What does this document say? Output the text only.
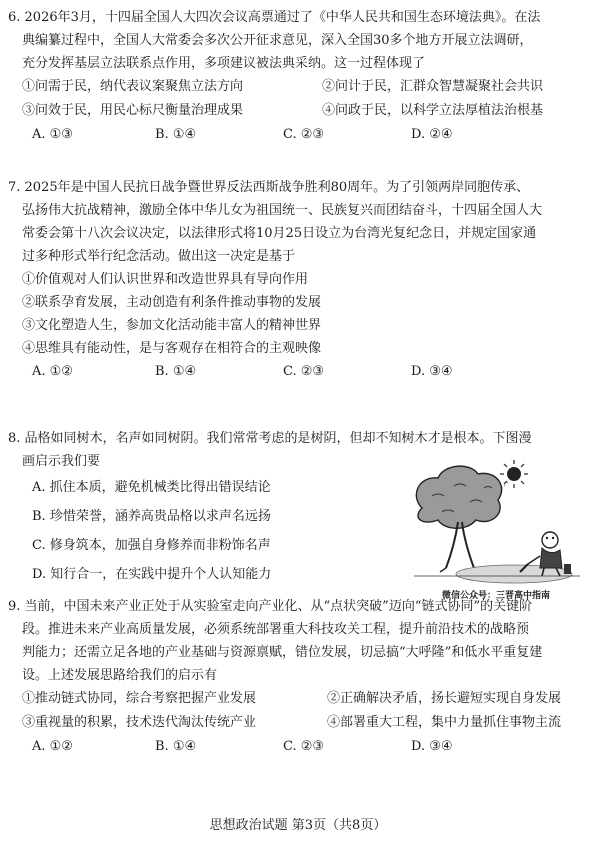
6. 2026年3月，十四届全国人大四次会议高票通过了《中华人民共和国生态环境法典》。在法

典编纂过程中，全国人大常委会多次公开征求意见，深入全国30多个地方开展立法调研，

充分发挥基层立法联系点作用，多项建议被法典采纳。这一过程体现了

①问需于民，纳代表议案聚焦立法方向	②问计于民，汇群众智慧凝聚社会共识
③问效于民，用民心标尺衡量治理成果	④问政于民，以科学立法厚植法治根基
A. ①③	B. ①④	C. ②③	D. ②④

7. 2025年是中国人民抗日战争暨世界反法西斯战争胜利80周年。为了引领两岸同胞传承、

弘扬伟大抗战精神，激励全体中华儿女为祖国统一、民族复兴而团结奋斗，十四届全国人大

常委会第十八次会议决定，以法律形式将10月25日设立为台湾光复纪念日，并规定国家通

过多种形式举行纪念活动。做出这一决定是基于

①价值观对人们认识世界和改造世界具有导向作用

②联系孕育发展，主动创造有利条件推动事物的发展

③文化塑造人生，参加文化活动能丰富人的精神世界

④思维具有能动性，是与客观存在相符合的主观映像

A. ①②	B. ①④	C. ②③	D. ③④

8. 品格如同树木，名声如同树阴。我们常常考虑的是树阴，但却不知树木才是根本。下图漫

画启示我们要

A. 抓住本质，避免机械类比得出错误结论

B. 珍惜荣誉，涵养高贵品格以求声名远扬

C. 修身筑本，加强自身修养而非粉饰名声

D. 知行合一，在实践中提升个人认知能力

微信公众号：三晋高中指南

9. 当前，中国未来产业正处于从实验室走向产业化、从“点状突破”迈向“链式协同”的关键阶

段。推进未来产业高质量发展，必须系统部署重大科技攻关工程，提升前沿技术的战略预

判能力；还需立足各地的产业基础与资源禀赋，错位发展，切忌搞“大呼隆”和低水平重复建

设。上述发展思路给我们的启示有

①推动链式协同，综合考察把握产业发展	②正确解决矛盾，扬长避短实现自身发展
③重视量的积累，技术迭代淘汰传统产业	④部署重大工程，集中力量抓住事物主流
A. ①②	B. ①④	C. ②③	D. ③④
思想政治试题 第3页（共8页）
